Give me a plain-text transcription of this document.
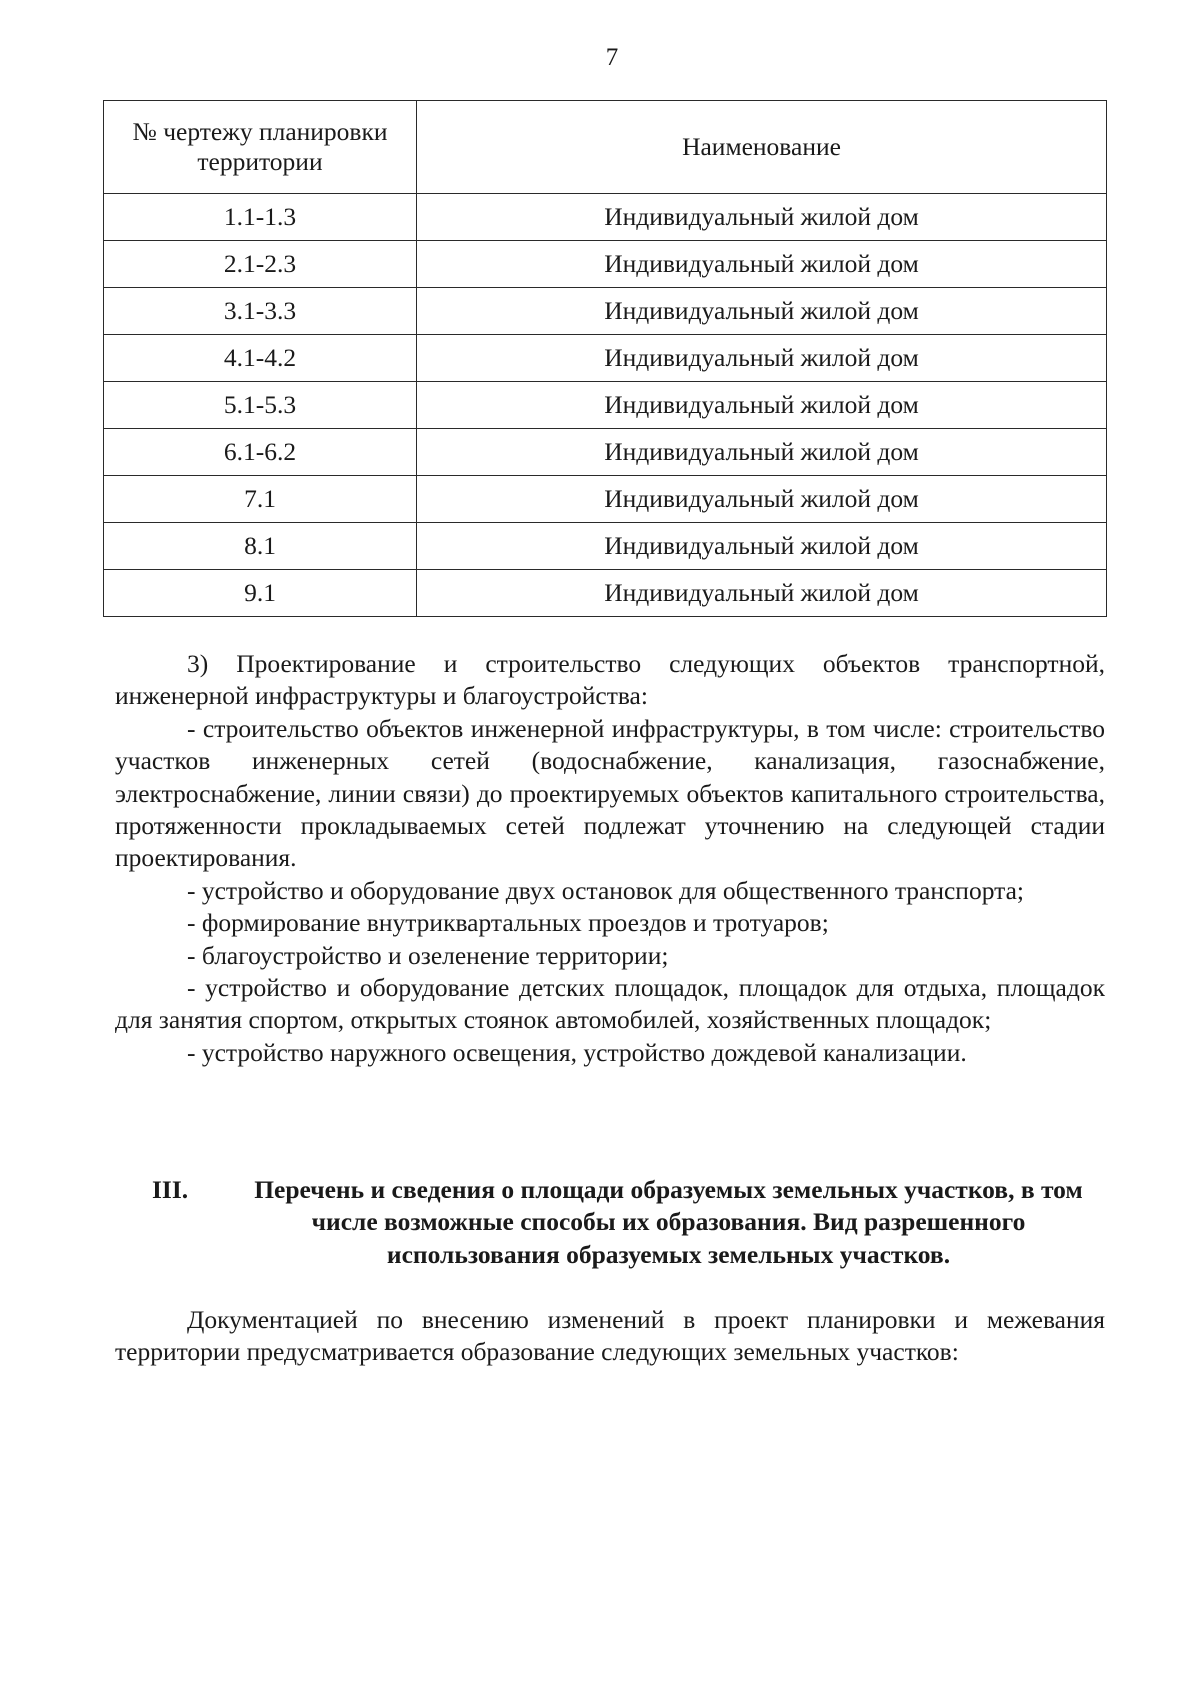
7
№ чертежу планировки территории	Наименование
1.1-1.3	Индивидуальный жилой дом
2.1-2.3	Индивидуальный жилой дом
3.1-3.3	Индивидуальный жилой дом
4.1-4.2	Индивидуальный жилой дом
5.1-5.3	Индивидуальный жилой дом
6.1-6.2	Индивидуальный жилой дом
7.1	Индивидуальный жилой дом
8.1	Индивидуальный жилой дом
9.1	Индивидуальный жилой дом

3) Проектирование и строительство следующих объектов транспортной, инженерной инфраструктуры и благоустройства:

- строительство объектов инженерной инфраструктуры, в том числе: строительство участков инженерных сетей (водоснабжение, канализация, газоснабжение, электроснабжение, линии связи) до проектируемых объектов капитального строительства, протяженности прокладываемых сетей подлежат уточнению на следующей стадии проектирования.

- устройство и оборудование двух остановок для общественного транспорта;

- формирование внутриквартальных проездов и тротуаров;

- благоустройство и озеленение территории;

- устройство и оборудование детских площадок, площадок для отдыха, площадок для занятия спортом, открытых стоянок автомобилей, хозяйственных площадок;

- устройство наружного освещения, устройство дождевой канализации.

III.	Перечень и сведения о площади образуемых земельных участков, в том числе возможные способы их образования. Вид разрешенного использования образуемых земельных участков.

Документацией по внесению изменений в проект планировки и межевания территории предусматривается образование следующих земельных участков:
